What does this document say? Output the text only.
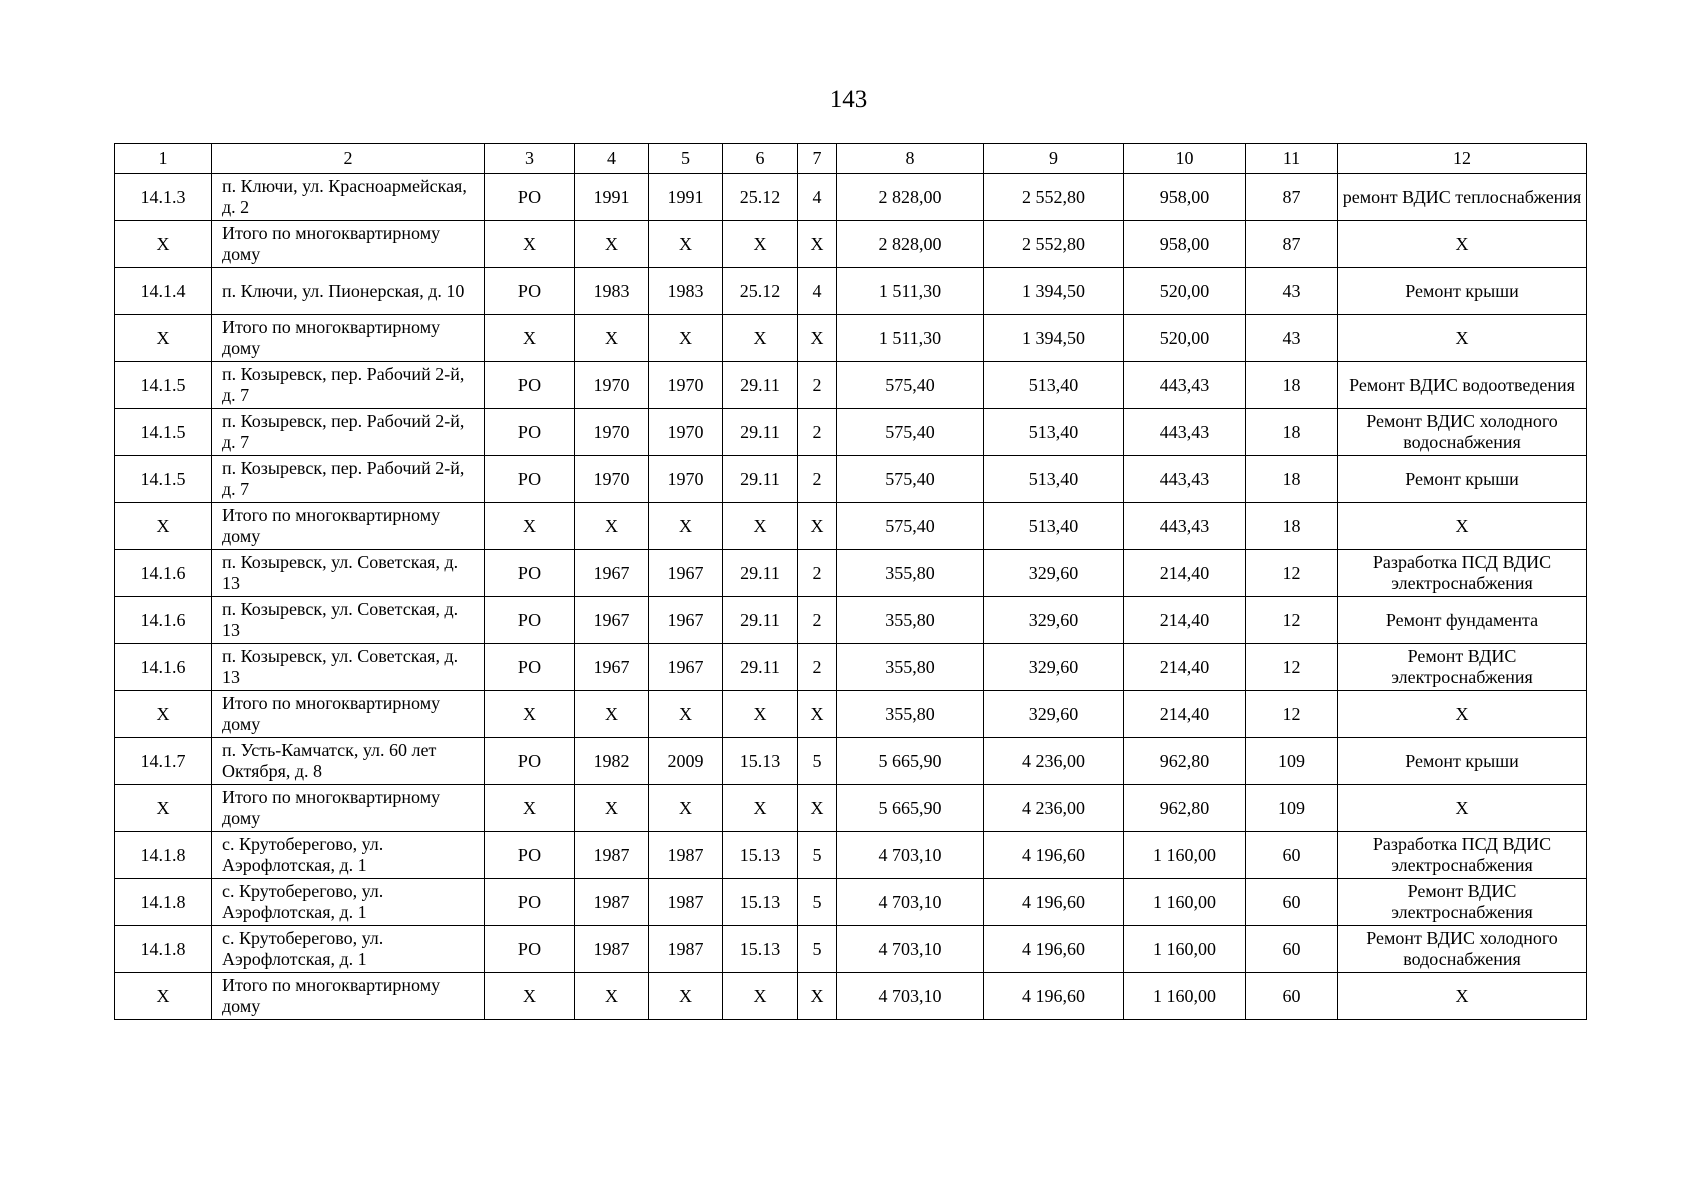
143
1	2	3	4	5	6	7	8	9	10	11	12
14.1.3	п. Ключи, ул. Красноармейская, д. 2	РО	1991	1991	25.12	4	2 828,00	2 552,80	958,00	87	ремонт ВДИС теплоснабжения
Х	Итого по многоквартирному дому	Х	Х	Х	Х	Х	2 828,00	2 552,80	958,00	87	Х
14.1.4	п. Ключи, ул. Пионерская, д. 10	РО	1983	1983	25.12	4	1 511,30	1 394,50	520,00	43	Ремонт крыши
Х	Итого по многоквартирному дому	Х	Х	Х	Х	Х	1 511,30	1 394,50	520,00	43	Х
14.1.5	п. Козыревск, пер. Рабочий 2-й, д. 7	РО	1970	1970	29.11	2	575,40	513,40	443,43	18	Ремонт ВДИС водоотведения
14.1.5	п. Козыревск, пер. Рабочий 2-й, д. 7	РО	1970	1970	29.11	2	575,40	513,40	443,43	18	Ремонт ВДИС холодного водоснабжения
14.1.5	п. Козыревск, пер. Рабочий 2-й, д. 7	РО	1970	1970	29.11	2	575,40	513,40	443,43	18	Ремонт крыши
Х	Итого по многоквартирному дому	Х	Х	Х	Х	Х	575,40	513,40	443,43	18	Х
14.1.6	п. Козыревск, ул. Советская, д. 13	РО	1967	1967	29.11	2	355,80	329,60	214,40	12	Разработка ПСД ВДИС электроснабжения
14.1.6	п. Козыревск, ул. Советская, д. 13	РО	1967	1967	29.11	2	355,80	329,60	214,40	12	Ремонт фундамента
14.1.6	п. Козыревск, ул. Советская, д. 13	РО	1967	1967	29.11	2	355,80	329,60	214,40	12	Ремонт ВДИС электроснабжения
Х	Итого по многоквартирному дому	Х	Х	Х	Х	Х	355,80	329,60	214,40	12	Х
14.1.7	п. Усть-Камчатск, ул. 60 лет Октября, д. 8	РО	1982	2009	15.13	5	5 665,90	4 236,00	962,80	109	Ремонт крыши
Х	Итого по многоквартирному дому	Х	Х	Х	Х	Х	5 665,90	4 236,00	962,80	109	Х
14.1.8	с. Крутоберегово, ул. Аэрофлотская, д. 1	РО	1987	1987	15.13	5	4 703,10	4 196,60	1 160,00	60	Разработка ПСД ВДИС электроснабжения
14.1.8	с. Крутоберегово, ул. Аэрофлотская, д. 1	РО	1987	1987	15.13	5	4 703,10	4 196,60	1 160,00	60	Ремонт ВДИС электроснабжения
14.1.8	с. Крутоберегово, ул. Аэрофлотская, д. 1	РО	1987	1987	15.13	5	4 703,10	4 196,60	1 160,00	60	Ремонт ВДИС холодного водоснабжения
Х	Итого по многоквартирному дому	Х	Х	Х	Х	Х	4 703,10	4 196,60	1 160,00	60	Х
